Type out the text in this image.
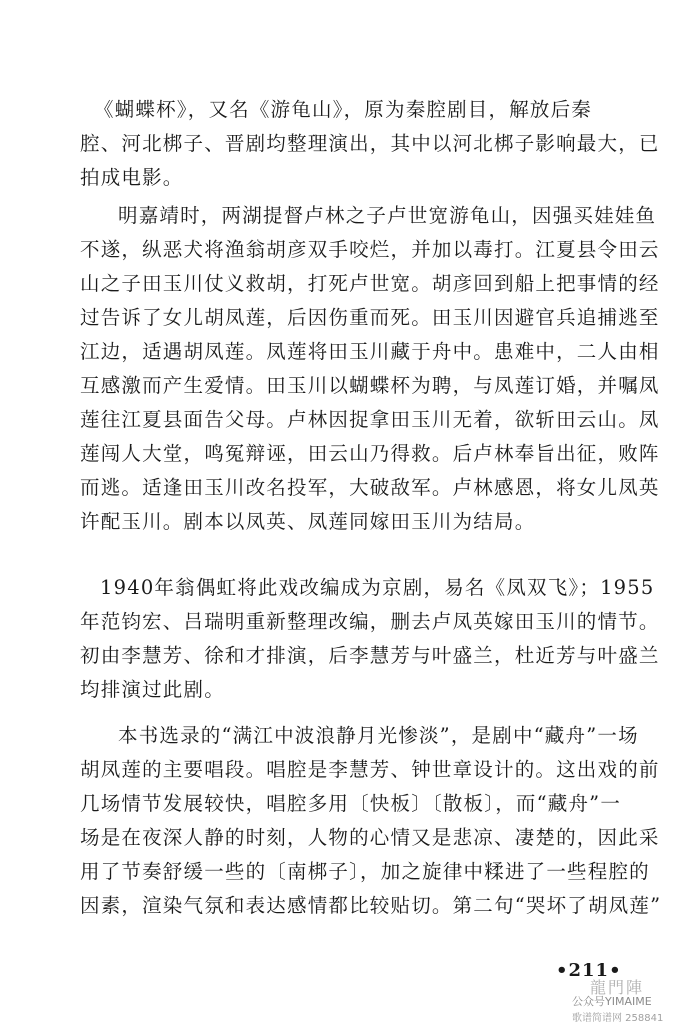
《蝴蝶杯》，又名《游龟山》，原为秦腔剧目，解放后秦
腔、河北梆子、晋剧均整理演出，其中以河北梆子影响最大，已
拍成电影。
明嘉靖时，两湖提督卢林之子卢世宽游龟山，因强买娃娃鱼
不遂，纵恶犬将渔翁胡彦双手咬烂，并加以毒打。江夏县令田云
山之子田玉川仗义救胡，打死卢世宽。胡彦回到船上把事情的经
过告诉了女儿胡凤莲，后因伤重而死。田玉川因避官兵追捕逃至
江边，适遇胡凤莲。凤莲将田玉川藏于舟中。患难中，二人由相
互感激而产生爱情。田玉川以蝴蝶杯为聘，与凤莲订婚，并嘱凤
莲往江夏县面告父母。卢林因捉拿田玉川无着，欲斩田云山。凤
莲闯人大堂，鸣冤辩诬，田云山乃得救。后卢林奉旨出征，败阵
而逃。适逢田玉川改名投军，大破敌军。卢林感恩，将女儿凤英
许配玉川。剧本以凤英、凤莲同嫁田玉川为结局。
1940年翁偶虹将此戏改编成为京剧，易名《凤双飞》；1955
年范钧宏、吕瑞明重新整理改编，删去卢凤英嫁田玉川的情节。
初由李慧芳、徐和才排演，后李慧芳与叶盛兰，杜近芳与叶盛兰
均排演过此剧。
本书选录的“满江中波浪静月光惨淡”，是剧中“藏舟”一场
胡凤莲的主要唱段。唱腔是李慧芳、钟世章设计的。这出戏的前
几场情节发展较快，唱腔多用〔快板〕〔散板〕，而“藏舟”一
场是在夜深人静的时刻，人物的心情又是悲凉、凄楚的，因此采
用了节奏舒缓一些的〔南梆子〕，加之旋律中糅进了一些程腔的
因素，渲染气氛和表达感情都比较贴切。第二句“哭坏了胡凤莲”
•211•
龍門陣
公众号YIMAIME
歌谱简谱网 258841
